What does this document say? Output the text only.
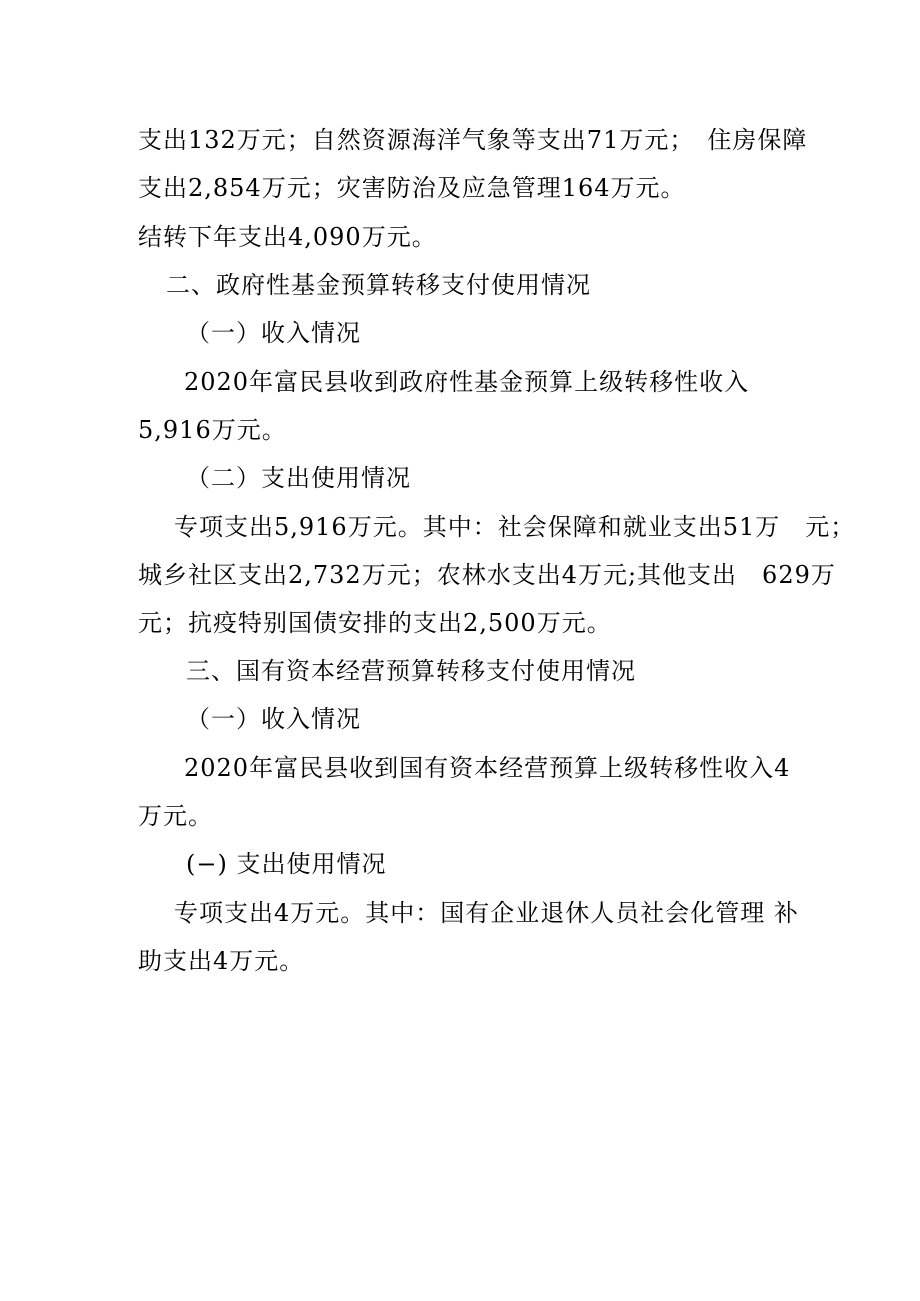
支出132万元；自然资源海洋气象等支出71万元；　住房保障
支出2,854万元；灾害防治及应急管理164万元。
结转下年支出4,090万元。
二、政府性基金预算转移支付使用情况
（一）收入情况
2020年富民县收到政府性基金预算上级转移性收入
5,916万元。
（二）支出使用情况
专项支出5,916万元。其中：社会保障和就业支出51万　元；
城乡社区支出2,732万元；农林水支出4万元;其他支出　629万
元；抗疫特别国债安排的支出2,500万元。
三、国有资本经营预算转移支付使用情况
（一）收入情况
2020年富民县收到国有资本经营预算上级转移性收入4
万元。
(−) 支出使用情况
专项支出4万元。其中：国有企业退休人员社会化管理 补
助支出4万元。
